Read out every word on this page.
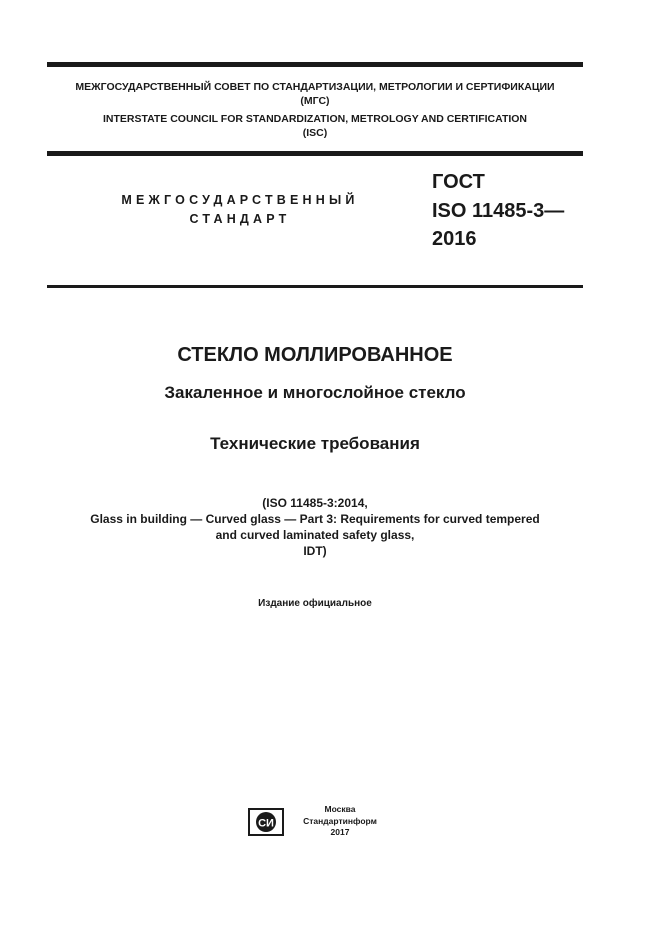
МЕЖГОСУДАРСТВЕННЫЙ СОВЕТ ПО СТАНДАРТИЗАЦИИ, МЕТРОЛОГИИ И СЕРТИФИКАЦИИ
(МГС)
INTERSTATE COUNCIL FOR STANDARDIZATION, METROLOGY AND CERTIFICATION
(ISC)
МЕЖГОСУДАРСТВЕННЫЙ
СТАНДАРТ
ГОСТ
ISO 11485-3—
2016
СТЕКЛО МОЛЛИРОВАННОЕ
Закаленное и многослойное стекло
Технические требования
(ISO 11485-3:2014,
Glass in building — Curved glass — Part 3: Requirements for curved tempered
and curved laminated safety glass,
IDT)
Издание официальное
СИ
Москва
Стандартинформ
2017
